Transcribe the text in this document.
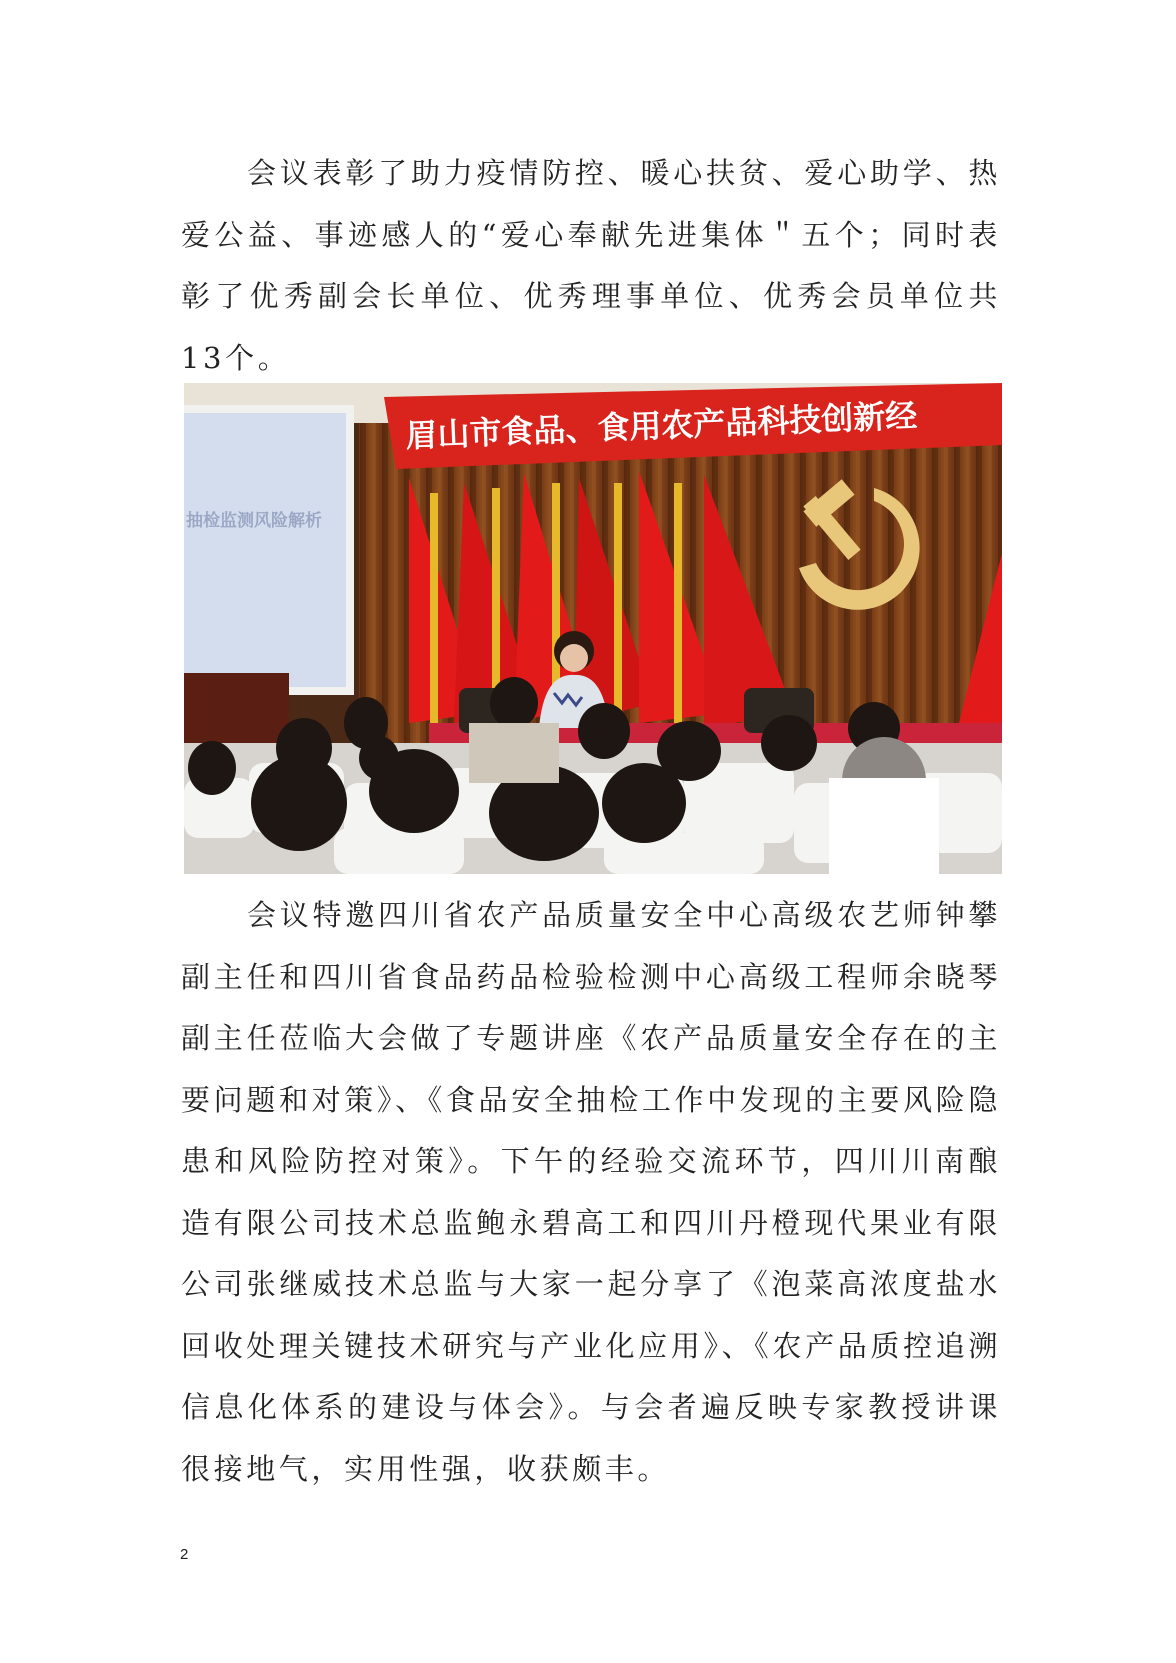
会议表彰了助力疫情防控、暖心扶贫、爱心助学、热爱公益、事迹感人的“爱心奉献先进集体＂五个；同时表彰了优秀副会长单位、优秀理事单位、优秀会员单位共13个。

抽检监测风险解析
眉山市食品、食用农产品科技创新经

会议特邀四川省农产品质量安全中心高级农艺师钟攀副主任和四川省食品药品检验检测中心高级工程师余晓琴副主任莅临大会做了专题讲座《农产品质量安全存在的主要问题和对策》、《食品安全抽检工作中发现的主要风险隐患和风险防控对策》。下午的经验交流环节，四川川南酿造有限公司技术总监鲍永碧高工和四川丹橙现代果业有限公司张继威技术总监与大家一起分享了《泡菜高浓度盐水回收处理关键技术研究与产业化应用》、《农产品质控追溯信息化体系的建设与体会》。与会者遍反映专家教授讲课很接地气，实用性强，收获颇丰。

2
